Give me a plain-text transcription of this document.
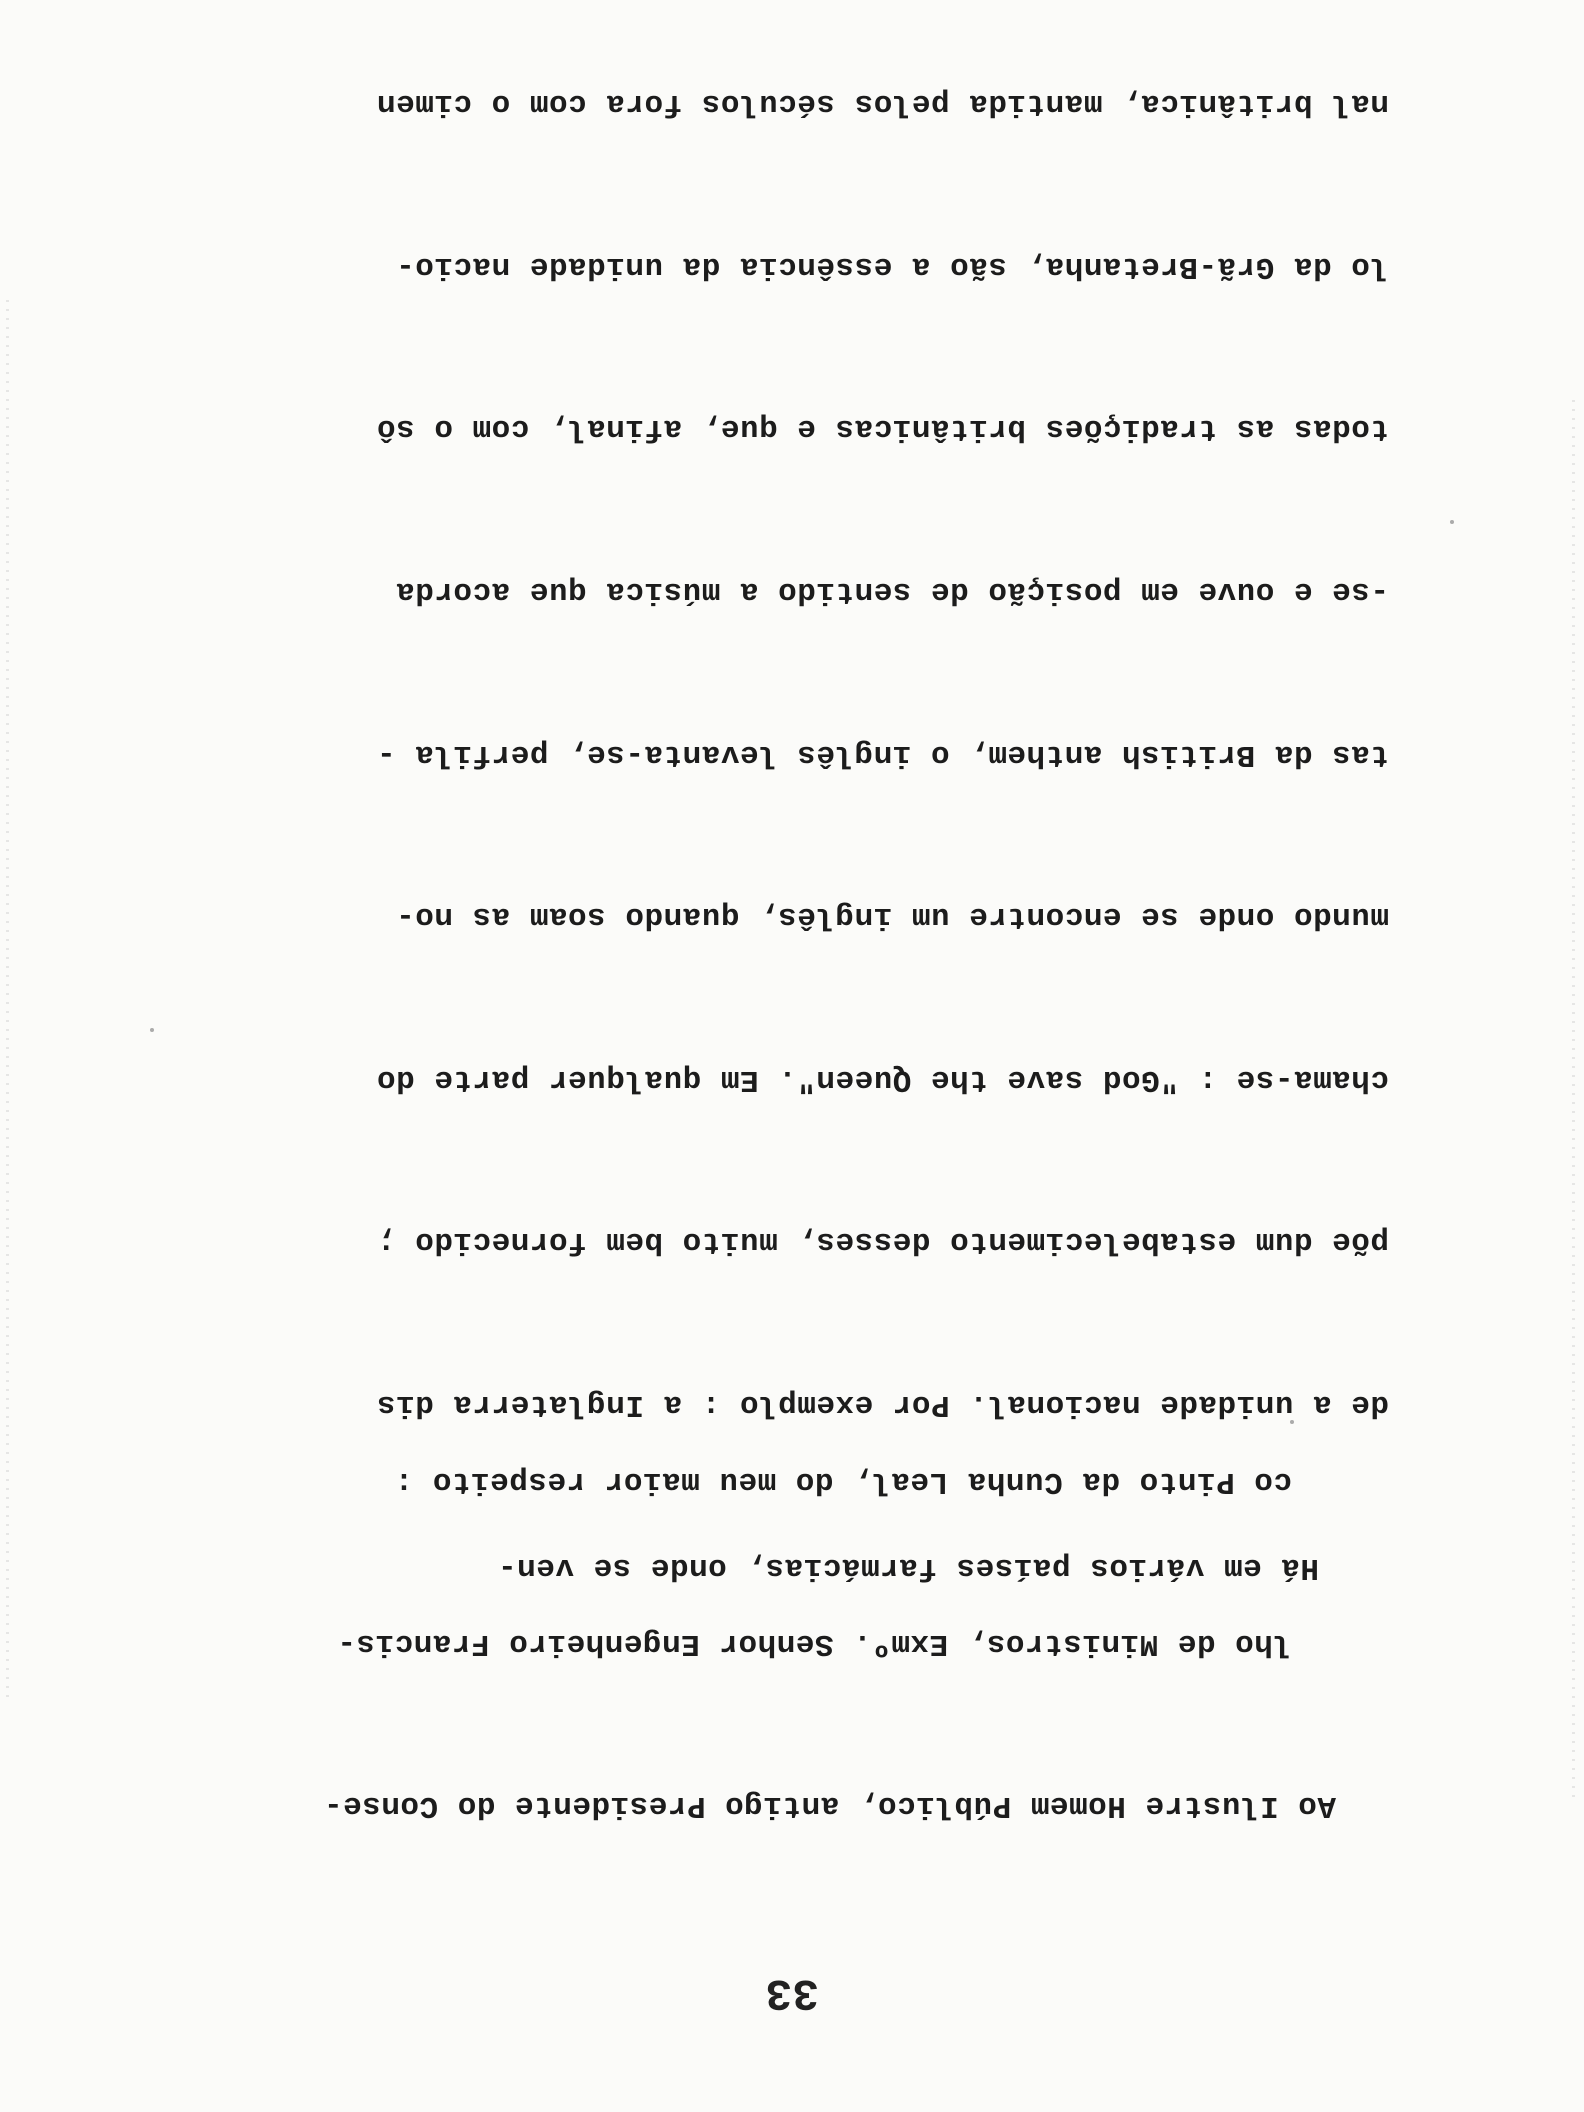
33

Ao Ilustre Homem Público, antigo Presidente do Conse-

lho de Ministros, Exmº. Senhor Engenheiro Francis-

co Pinto da Cunha Leal, do meu maior respeito :

Há em vários países farmácias, onde se ven-

de a unidade nacional. Por exemplo : a Inglaterra dis

põe dum estabelecimento desses, muito bem fornecido ;

chama-se : "God save the Queen". Em qualquer parte do

mundo onde se encontre um inglês, quando soam as no-

tas da British anthem, o inglês levanta-se, perfila -

-se e ouve em posição de sentido a música que acorda

todas as tradições britânicas e que, afinal, com o sô

lo da Grã-Bretanha, são a essência da unidade nacio-

nal britânica, mantida pelos séculos fora com o cimen
